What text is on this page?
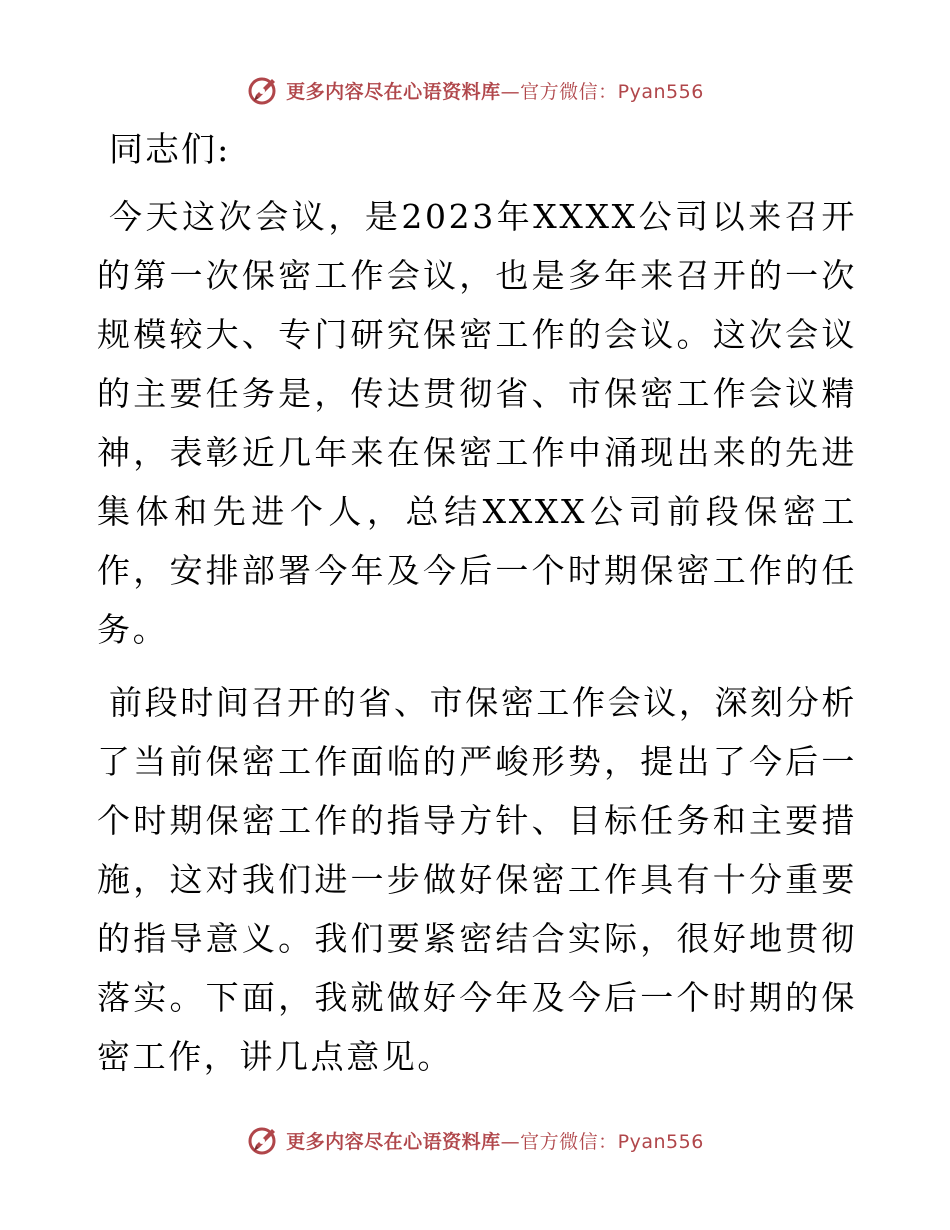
更多内容尽在心语资料库—官方微信：Pyan556
同志们:

今天这次会议，是2023年XXXX公司以来召开的第一次保密工作会议，也是多年来召开的一次规模较大、专门研究保密工作的会议。这次会议的主要任务是，传达贯彻省、市保密工作会议精神，表彰近几年来在保密工作中涌现出来的先进集体和先进个人，总结XXXX公司前段保密工作，安排部署今年及今后一个时期保密工作的任务。

前段时间召开的省、市保密工作会议，深刻分析了当前保密工作面临的严峻形势，提出了今后一个时期保密工作的指导方针、目标任务和主要措施，这对我们进一步做好保密工作具有十分重要的指导意义。我们要紧密结合实际，很好地贯彻落实。下面，我就做好今年及今后一个时期的保密工作，讲几点意见。

更多内容尽在心语资料库—官方微信：Pyan556
